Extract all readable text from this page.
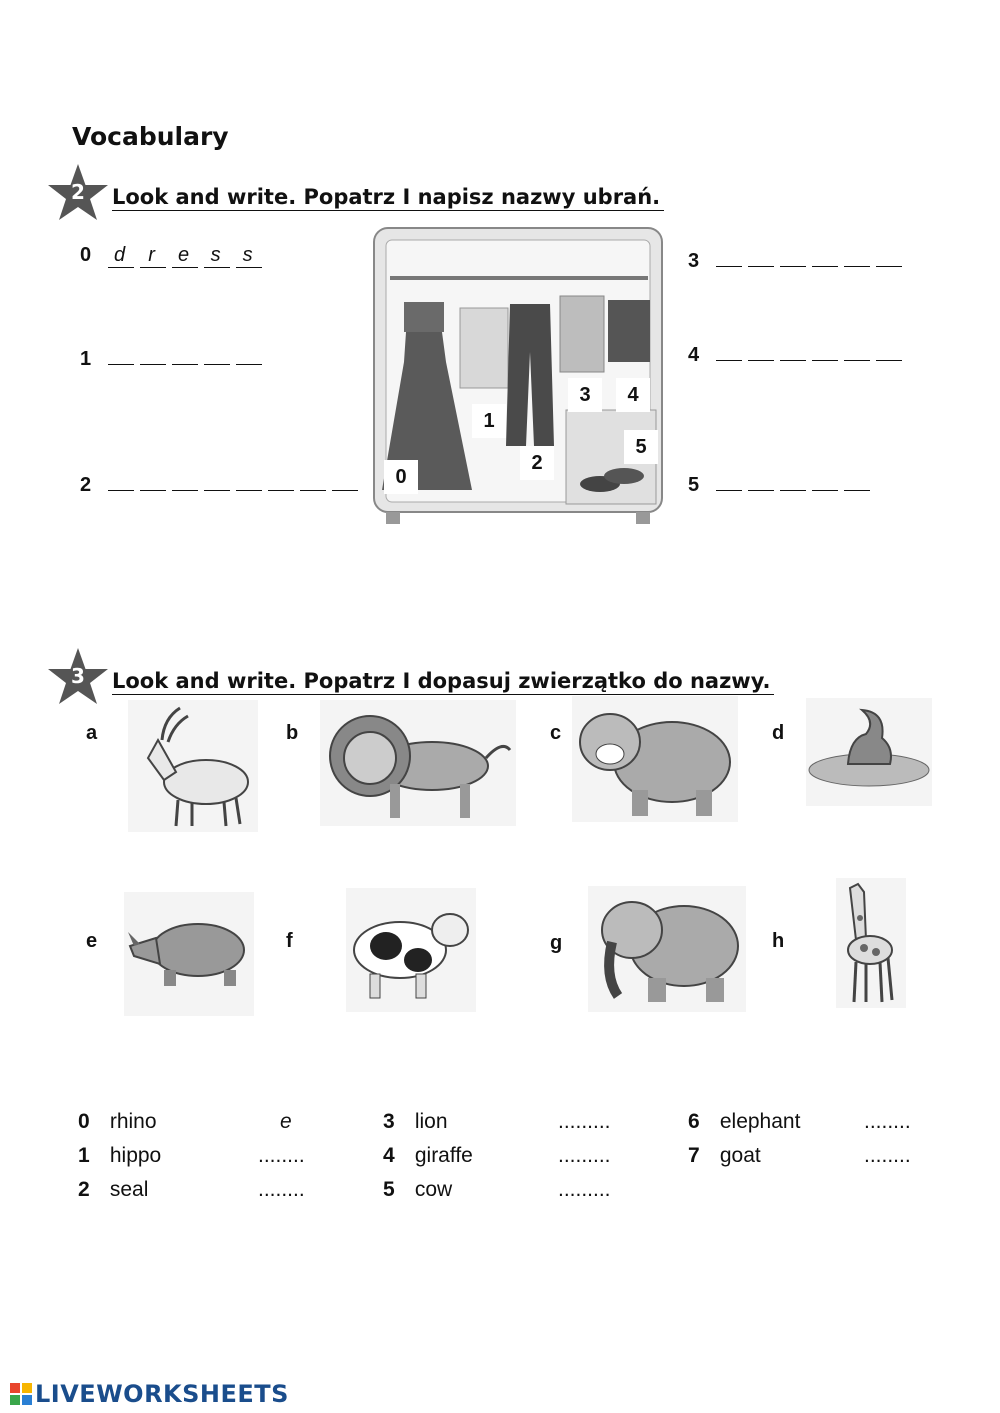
Vocabulary
2	Look and write. Popatrz I napisz nazwy ubrań.
0 d r e s s
1
2
3
4
5
0
1
2
3	4
5
3	Look and write. Popatrz I dopasuj zwierzątko do nazwy.
a	b	c	d
e	f	g	h
0 rhino	e
1 hippo	........
2 seal	........
3 lion	.........
4 giraffe	.........
5 cow	.........
6 elephant	........
7 goat	........
LIVEWORKSHEETS
